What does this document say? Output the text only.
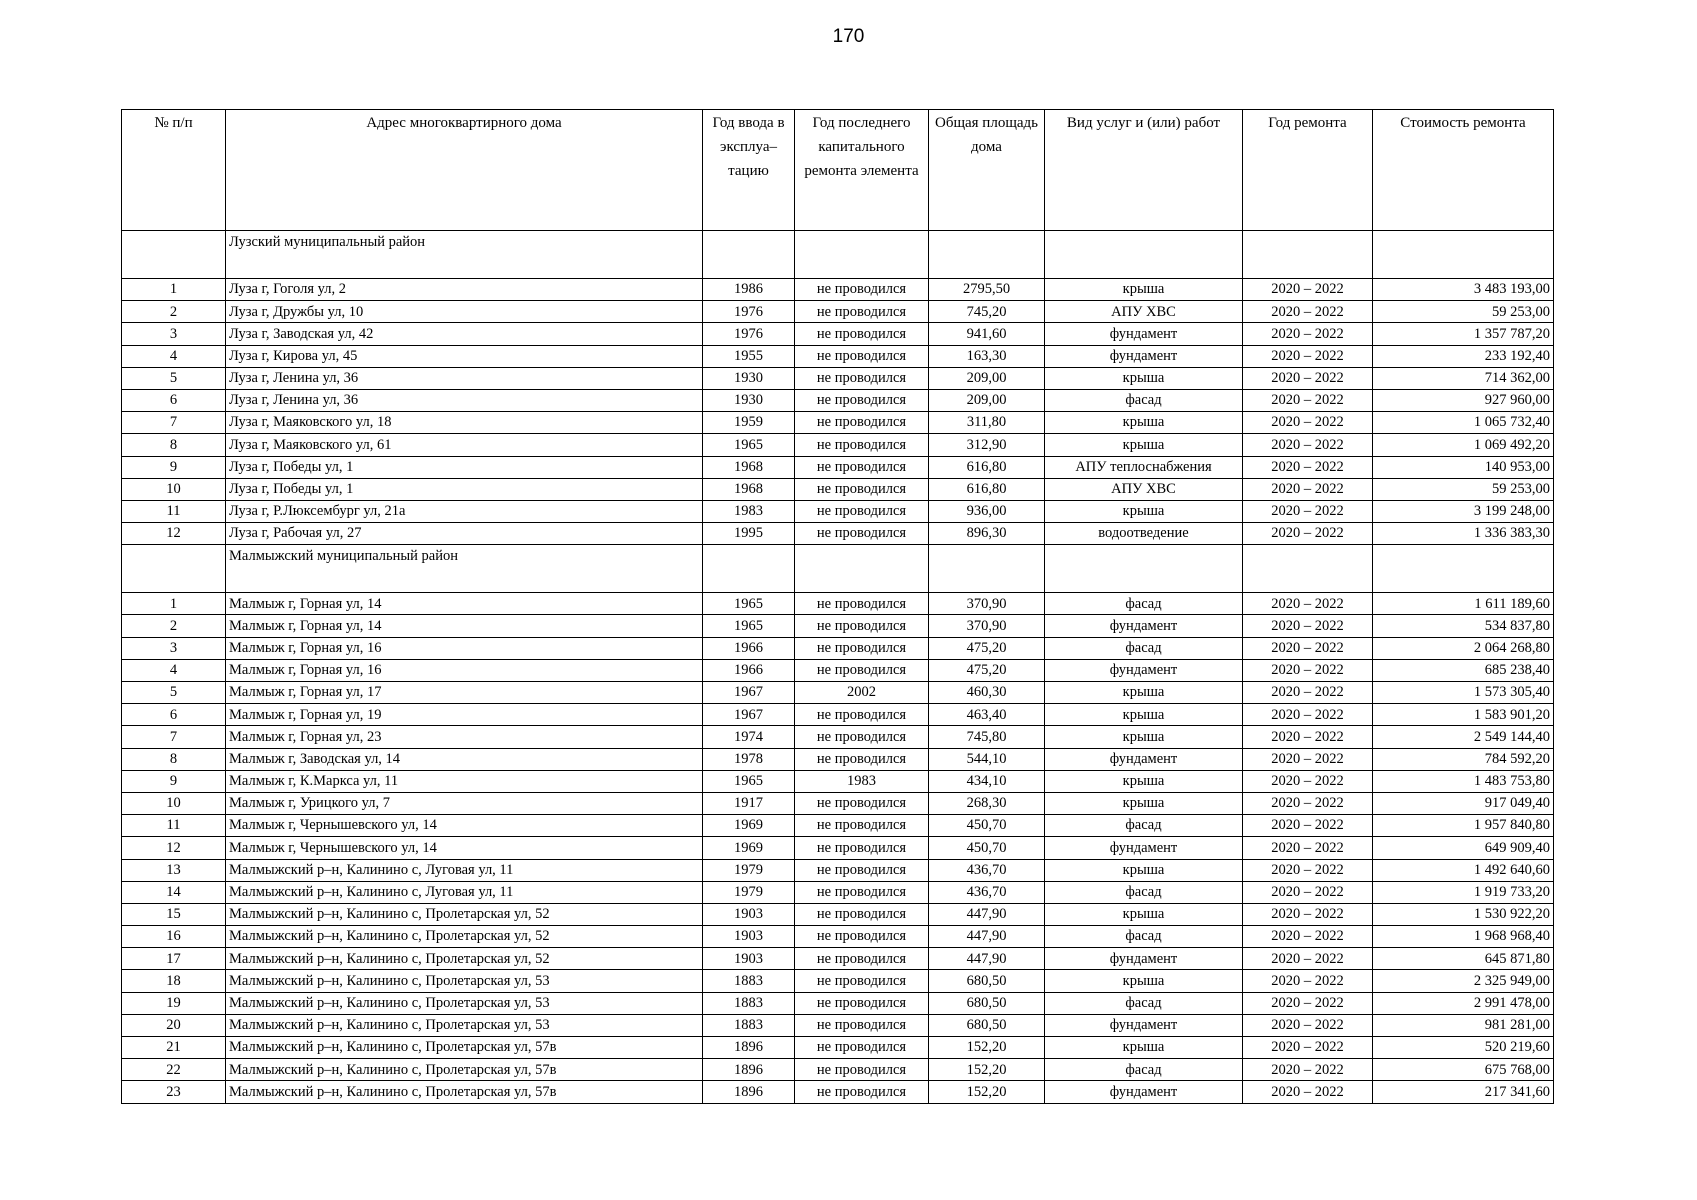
170
№ п/п	Адрес многоквартирного дома	Год ввода в эксплуа–тацию	Год последнего капитального ремонта элемента	Общая площадь дома	Вид услуг и (или) работ	Год ремонта	Стоимость ремонта
	Лузский муниципальный район						
1	Луза г, Гоголя ул, 2	1986	не проводился	2795,50	крыша	2020 – 2022	3 483 193,00
2	Луза г, Дружбы ул, 10	1976	не проводился	745,20	АПУ ХВС	2020 – 2022	59 253,00
3	Луза г, Заводская ул, 42	1976	не проводился	941,60	фундамент	2020 – 2022	1 357 787,20
4	Луза г, Кирова ул, 45	1955	не проводился	163,30	фундамент	2020 – 2022	233 192,40
5	Луза г, Ленина ул, 36	1930	не проводился	209,00	крыша	2020 – 2022	714 362,00
6	Луза г, Ленина ул, 36	1930	не проводился	209,00	фасад	2020 – 2022	927 960,00
7	Луза г, Маяковского ул, 18	1959	не проводился	311,80	крыша	2020 – 2022	1 065 732,40
8	Луза г, Маяковского ул, 61	1965	не проводился	312,90	крыша	2020 – 2022	1 069 492,20
9	Луза г, Победы ул, 1	1968	не проводился	616,80	АПУ теплоснабжения	2020 – 2022	140 953,00
10	Луза г, Победы ул, 1	1968	не проводился	616,80	АПУ ХВС	2020 – 2022	59 253,00
11	Луза г, Р.Люксембург ул, 21а	1983	не проводился	936,00	крыша	2020 – 2022	3 199 248,00
12	Луза г, Рабочая ул, 27	1995	не проводился	896,30	водоотведение	2020 – 2022	1 336 383,30
	Малмыжский муниципальный район						
1	Малмыж г, Горная ул, 14	1965	не проводился	370,90	фасад	2020 – 2022	1 611 189,60
2	Малмыж г, Горная ул, 14	1965	не проводился	370,90	фундамент	2020 – 2022	534 837,80
3	Малмыж г, Горная ул, 16	1966	не проводился	475,20	фасад	2020 – 2022	2 064 268,80
4	Малмыж г, Горная ул, 16	1966	не проводился	475,20	фундамент	2020 – 2022	685 238,40
5	Малмыж г, Горная ул, 17	1967	2002	460,30	крыша	2020 – 2022	1 573 305,40
6	Малмыж г, Горная ул, 19	1967	не проводился	463,40	крыша	2020 – 2022	1 583 901,20
7	Малмыж г, Горная ул, 23	1974	не проводился	745,80	крыша	2020 – 2022	2 549 144,40
8	Малмыж г, Заводская ул, 14	1978	не проводился	544,10	фундамент	2020 – 2022	784 592,20
9	Малмыж г, К.Маркса ул, 11	1965	1983	434,10	крыша	2020 – 2022	1 483 753,80
10	Малмыж г, Урицкого ул, 7	1917	не проводился	268,30	крыша	2020 – 2022	917 049,40
11	Малмыж г, Чернышевского ул, 14	1969	не проводился	450,70	фасад	2020 – 2022	1 957 840,80
12	Малмыж г, Чернышевского ул, 14	1969	не проводился	450,70	фундамент	2020 – 2022	649 909,40
13	Малмыжский р–н, Калинино с, Луговая ул, 11	1979	не проводился	436,70	крыша	2020 – 2022	1 492 640,60
14	Малмыжский р–н, Калинино с, Луговая ул, 11	1979	не проводился	436,70	фасад	2020 – 2022	1 919 733,20
15	Малмыжский р–н, Калинино с, Пролетарская ул, 52	1903	не проводился	447,90	крыша	2020 – 2022	1 530 922,20
16	Малмыжский р–н, Калинино с, Пролетарская ул, 52	1903	не проводился	447,90	фасад	2020 – 2022	1 968 968,40
17	Малмыжский р–н, Калинино с, Пролетарская ул, 52	1903	не проводился	447,90	фундамент	2020 – 2022	645 871,80
18	Малмыжский р–н, Калинино с, Пролетарская ул, 53	1883	не проводился	680,50	крыша	2020 – 2022	2 325 949,00
19	Малмыжский р–н, Калинино с, Пролетарская ул, 53	1883	не проводился	680,50	фасад	2020 – 2022	2 991 478,00
20	Малмыжский р–н, Калинино с, Пролетарская ул, 53	1883	не проводился	680,50	фундамент	2020 – 2022	981 281,00
21	Малмыжский р–н, Калинино с, Пролетарская ул, 57в	1896	не проводился	152,20	крыша	2020 – 2022	520 219,60
22	Малмыжский р–н, Калинино с, Пролетарская ул, 57в	1896	не проводился	152,20	фасад	2020 – 2022	675 768,00
23	Малмыжский р–н, Калинино с, Пролетарская ул, 57в	1896	не проводился	152,20	фундамент	2020 – 2022	217 341,60
